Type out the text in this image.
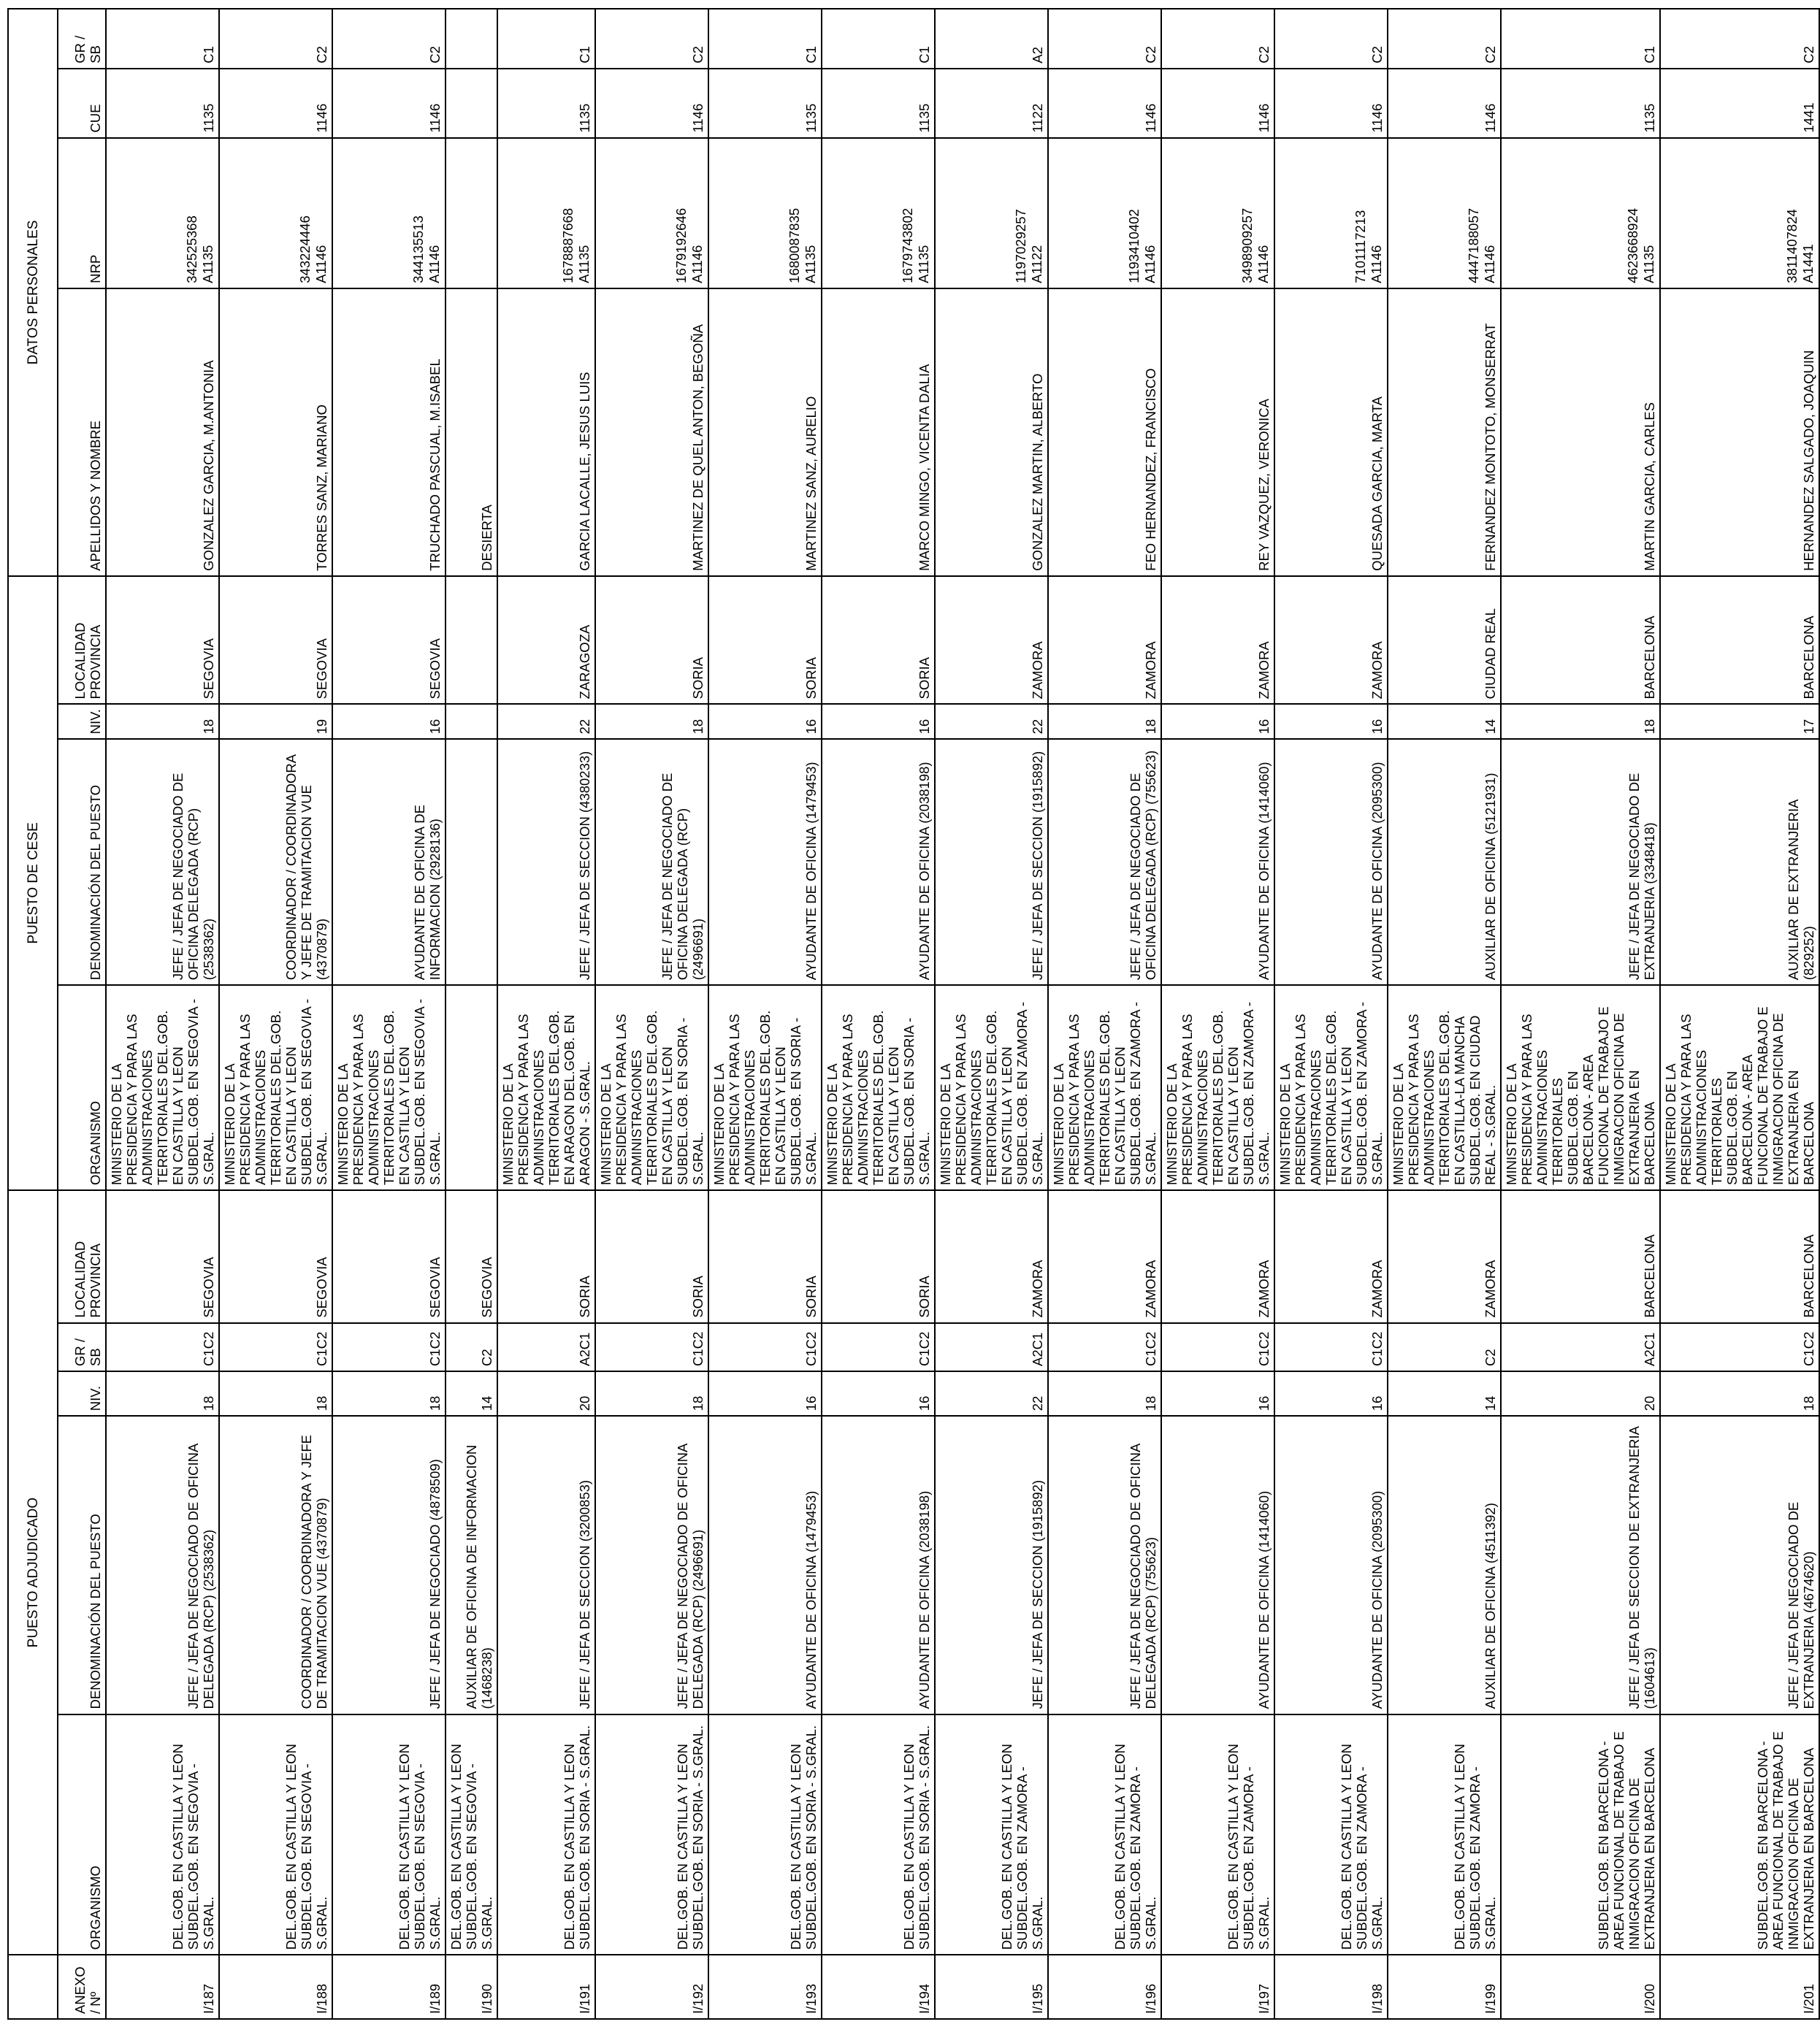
	PUESTO ADJUDICADO					PUESTO DE CESE				DATOS PERSONALES			
ANEXO / Nº	ORGANISMO	DENOMINACIÓN DEL PUESTO	NIV.	GR / SB	LOCALIDAD PROVINCIA	ORGANISMO	DENOMINACIÓN DEL PUESTO	NIV.	LOCALIDAD PROVINCIA	APELLIDOS Y NOMBRE	NRP	CUE	GR / SB
I/187	DEL.GOB. EN CASTILLA Y LEON SUBDEL.GOB. EN SEGOVIA - S.GRAL.	JEFE / JEFA DE NEGOCIADO DE OFICINA DELEGADA (RCP) (2538362)	18	C1C2	SEGOVIA	MINISTERIO DE LA PRESIDENCIA Y PARA LAS ADMINISTRACIONES TERRITORIALES DEL.GOB. EN CASTILLA Y LEON SUBDEL.GOB. EN SEGOVIA - S.GRAL.	JEFE / JEFA DE NEGOCIADO DE OFICINA DELEGADA (RCP) (2538362)	18	SEGOVIA	GONZALEZ GARCIA, M.ANTONIA	342525368 A1135	1135	C1
I/188	DEL.GOB. EN CASTILLA Y LEON SUBDEL.GOB. EN SEGOVIA - S.GRAL.	COORDINADOR / COORDINADORA Y JEFE DE TRAMITACION VUE (4370879)	18	C1C2	SEGOVIA	MINISTERIO DE LA PRESIDENCIA Y PARA LAS ADMINISTRACIONES TERRITORIALES DEL.GOB. EN CASTILLA Y LEON SUBDEL.GOB. EN SEGOVIA - S.GRAL.	COORDINADOR / COORDINADORA Y JEFE DE TRAMITACION VUE (4370879)	19	SEGOVIA	TORRES SANZ, MARIANO	343224446 A1146	1146	C2
I/189	DEL.GOB. EN CASTILLA Y LEON SUBDEL.GOB. EN SEGOVIA - S.GRAL.	JEFE / JEFA DE NEGOCIADO (4878509)	18	C1C2	SEGOVIA	MINISTERIO DE LA PRESIDENCIA Y PARA LAS ADMINISTRACIONES TERRITORIALES DEL.GOB. EN CASTILLA Y LEON SUBDEL.GOB. EN SEGOVIA - S.GRAL.	AYUDANTE DE OFICINA DE INFORMACION (2928136)	16	SEGOVIA	TRUCHADO PASCUAL, M.ISABEL	344135513 A1146	1146	C2
I/190	DEL.GOB. EN CASTILLA Y LEON SUBDEL.GOB. EN SEGOVIA - S.GRAL.	AUXILIAR DE OFICINA DE INFORMACION (1468238)	14	C2	SEGOVIA					DESIERTA	

I/191	DEL.GOB. EN CASTILLA Y LEON SUBDEL.GOB. EN SORIA - S.GRAL.	JEFE / JEFA DE SECCION (3200853)	20	A2C1	SORIA	MINISTERIO DE LA PRESIDENCIA Y PARA LAS ADMINISTRACIONES TERRITORIALES DEL.GOB. EN ARAGON DEL.GOB. EN ARAGON - S.GRAL.	JEFE / JEFA DE SECCION (4380233)	22	ZARAGOZA	GARCIA LACALLE, JESUS LUIS	1678887668 A1135	1135	C1
I/192	DEL.GOB. EN CASTILLA Y LEON SUBDEL.GOB. EN SORIA - S.GRAL.	JEFE / JEFA DE NEGOCIADO DE OFICINA DELEGADA (RCP) (2496691)	18	C1C2	SORIA	MINISTERIO DE LA PRESIDENCIA Y PARA LAS ADMINISTRACIONES TERRITORIALES DEL.GOB. EN CASTILLA Y LEON SUBDEL.GOB. EN SORIA - S.GRAL.	JEFE / JEFA DE NEGOCIADO DE OFICINA DELEGADA (RCP) (2496691)	18	SORIA	MARTINEZ DE QUEL ANTON, BEGOÑA	1679192646 A1146	1146	C2
I/193	DEL.GOB. EN CASTILLA Y LEON SUBDEL.GOB. EN SORIA - S.GRAL.	AYUDANTE DE OFICINA (1479453)	16	C1C2	SORIA	MINISTERIO DE LA PRESIDENCIA Y PARA LAS ADMINISTRACIONES TERRITORIALES DEL.GOB. EN CASTILLA Y LEON SUBDEL.GOB. EN SORIA - S.GRAL.	AYUDANTE DE OFICINA (1479453)	16	SORIA	MARTINEZ SANZ, AURELIO	1680087835 A1135	1135	C1
I/194	DEL.GOB. EN CASTILLA Y LEON SUBDEL.GOB. EN SORIA - S.GRAL.	AYUDANTE DE OFICINA (2038198)	16	C1C2	SORIA	MINISTERIO DE LA PRESIDENCIA Y PARA LAS ADMINISTRACIONES TERRITORIALES DEL.GOB. EN CASTILLA Y LEON SUBDEL.GOB. EN SORIA - S.GRAL.	AYUDANTE DE OFICINA (2038198)	16	SORIA	MARCO MINGO, VICENTA DALIA	1679743802 A1135	1135	C1
I/195	DEL.GOB. EN CASTILLA Y LEON SUBDEL.GOB. EN ZAMORA - S.GRAL.	JEFE / JEFA DE SECCION (1915892)	22	A2C1	ZAMORA	MINISTERIO DE LA PRESIDENCIA Y PARA LAS ADMINISTRACIONES TERRITORIALES DEL.GOB. EN CASTILLA Y LEON SUBDEL.GOB. EN ZAMORA - S.GRAL.	JEFE / JEFA DE SECCION (1915892)	22	ZAMORA	GONZALEZ MARTIN, ALBERTO	1197029257 A1122	1122	A2
I/196	DEL.GOB. EN CASTILLA Y LEON SUBDEL.GOB. EN ZAMORA - S.GRAL.	JEFE / JEFA DE NEGOCIADO DE OFICINA DELEGADA (RCP) (755623)	18	C1C2	ZAMORA	MINISTERIO DE LA PRESIDENCIA Y PARA LAS ADMINISTRACIONES TERRITORIALES DEL.GOB. EN CASTILLA Y LEON SUBDEL.GOB. EN ZAMORA - S.GRAL.	JEFE / JEFA DE NEGOCIADO DE OFICINA DELEGADA (RCP) (755623)	18	ZAMORA	FEO HERNANDEZ, FRANCISCO	1193410402 A1146	1146	C2
I/197	DEL.GOB. EN CASTILLA Y LEON SUBDEL.GOB. EN ZAMORA - S.GRAL.	AYUDANTE DE OFICINA (1414060)	16	C1C2	ZAMORA	MINISTERIO DE LA PRESIDENCIA Y PARA LAS ADMINISTRACIONES TERRITORIALES DEL.GOB. EN CASTILLA Y LEON SUBDEL.GOB. EN ZAMORA - S.GRAL.	AYUDANTE DE OFICINA (1414060)	16	ZAMORA	REY VAZQUEZ, VERONICA	3498909257 A1146	1146	C2
I/198	DEL.GOB. EN CASTILLA Y LEON SUBDEL.GOB. EN ZAMORA - S.GRAL.	AYUDANTE DE OFICINA (2095300)	16	C1C2	ZAMORA	MINISTERIO DE LA PRESIDENCIA Y PARA LAS ADMINISTRACIONES TERRITORIALES DEL.GOB. EN CASTILLA Y LEON SUBDEL.GOB. EN ZAMORA - S.GRAL.	AYUDANTE DE OFICINA (2095300)	16	ZAMORA	QUESADA GARCIA, MARTA	7101117213 A1146	1146	C2
I/199	DEL.GOB. EN CASTILLA Y LEON SUBDEL.GOB. EN ZAMORA - S.GRAL.	AUXILIAR DE OFICINA (4511392)	14	C2	ZAMORA	MINISTERIO DE LA PRESIDENCIA Y PARA LAS ADMINISTRACIONES TERRITORIALES DEL.GOB. EN CASTILLA-LA MANCHA SUBDEL.GOB. EN CIUDAD REAL - S.GRAL.	AUXILIAR DE OFICINA (5121931)	14	CIUDAD REAL	FERNANDEZ MONTOTO, MONSERRAT	4447188057 A1146	1146	C2
I/200	SUBDEL.GOB. EN BARCELONA - AREA FUNCIONAL DE TRABAJO E INMIGRACION OFICINA DE EXTRANJERIA EN BARCELONA	JEFE / JEFA DE SECCION DE EXTRANJERIA (1604613)	20	A2C1	BARCELONA	MINISTERIO DE LA PRESIDENCIA Y PARA LAS ADMINISTRACIONES TERRITORIALES SUBDEL.GOB. EN BARCELONA - AREA FUNCIONAL DE TRABAJO E INMIGRACION OFICINA DE EXTRANJERIA EN BARCELONA	JEFE / JEFA DE NEGOCIADO DE EXTRANJERIA (3348418)	18	BARCELONA	MARTIN GARCIA, CARLES	4623668924 A1135	1135	C1
I/201	SUBDEL.GOB. EN BARCELONA - AREA FUNCIONAL DE TRABAJO E INMIGRACION OFICINA DE EXTRANJERIA EN BARCELONA	JEFE / JEFA DE NEGOCIADO DE EXTRANJERIA (4674620)	18	C1C2	BARCELONA	MINISTERIO DE LA PRESIDENCIA Y PARA LAS ADMINISTRACIONES TERRITORIALES SUBDEL.GOB. EN BARCELONA - AREA FUNCIONAL DE TRABAJO E INMIGRACION OFICINA DE EXTRANJERIA EN BARCELONA	AUXILIAR DE EXTRANJERIA (829252)	17	BARCELONA	HERNANDEZ SALGADO, JOAQUIN	3811407824 A1441	1441	C2
